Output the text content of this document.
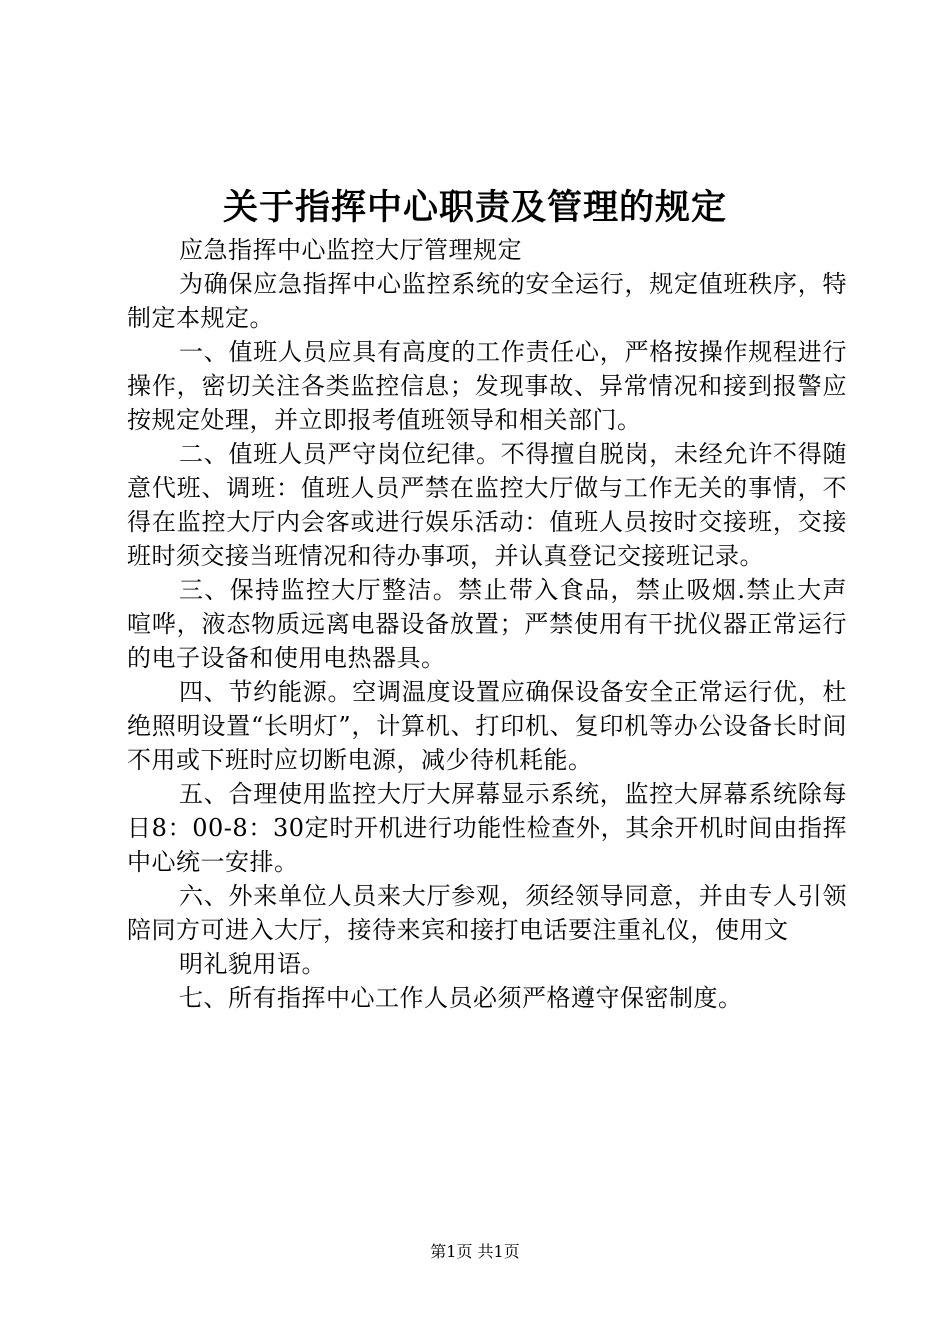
关于指挥中心职责及管理的规定

应急指挥中心监控大厅管理规定

为确保应急指挥中心监控系统的安全运行，规定值班秩序，特制定本规定。

一、值班人员应具有高度的工作责任心，严格按操作规程进行操作，密切关注各类监控信息；发现事故、异常情况和接到报警应按规定处理，并立即报考值班领导和相关部门。

二、值班人员严守岗位纪律。不得擅自脱岗，未经允许不得随意代班、调班：值班人员严禁在监控大厅做与工作无关的事情，不得在监控大厅内会客或进行娱乐活动：值班人员按时交接班，交接班时须交接当班情况和待办事项，并认真登记交接班记录。

三、保持监控大厅整洁。禁止带入食品，禁止吸烟.禁止大声喧哗，液态物质远离电器设备放置；严禁使用有干扰仪器正常运行的电子设备和使用电热器具。

四、节约能源。空调温度设置应确保设备安全正常运行优，杜绝照明设置“长明灯”，计算机、打印机、复印机等办公设备长时间不用或下班时应切断电源，减少待机耗能。

五、合理使用监控大厅大屏幕显示系统，监控大屏幕系统除每日8：00-8：30定时开机进行功能性检查外，其余开机时间由指挥中心统一安排。

六、外来单位人员来大厅参观，须经领导同意，并由专人引领陪同方可进入大厅，接待来宾和接打电话要注重礼仪，使用文

明礼貌用语。

七、所有指挥中心工作人员必须严格遵守保密制度。

第1页 共1页
